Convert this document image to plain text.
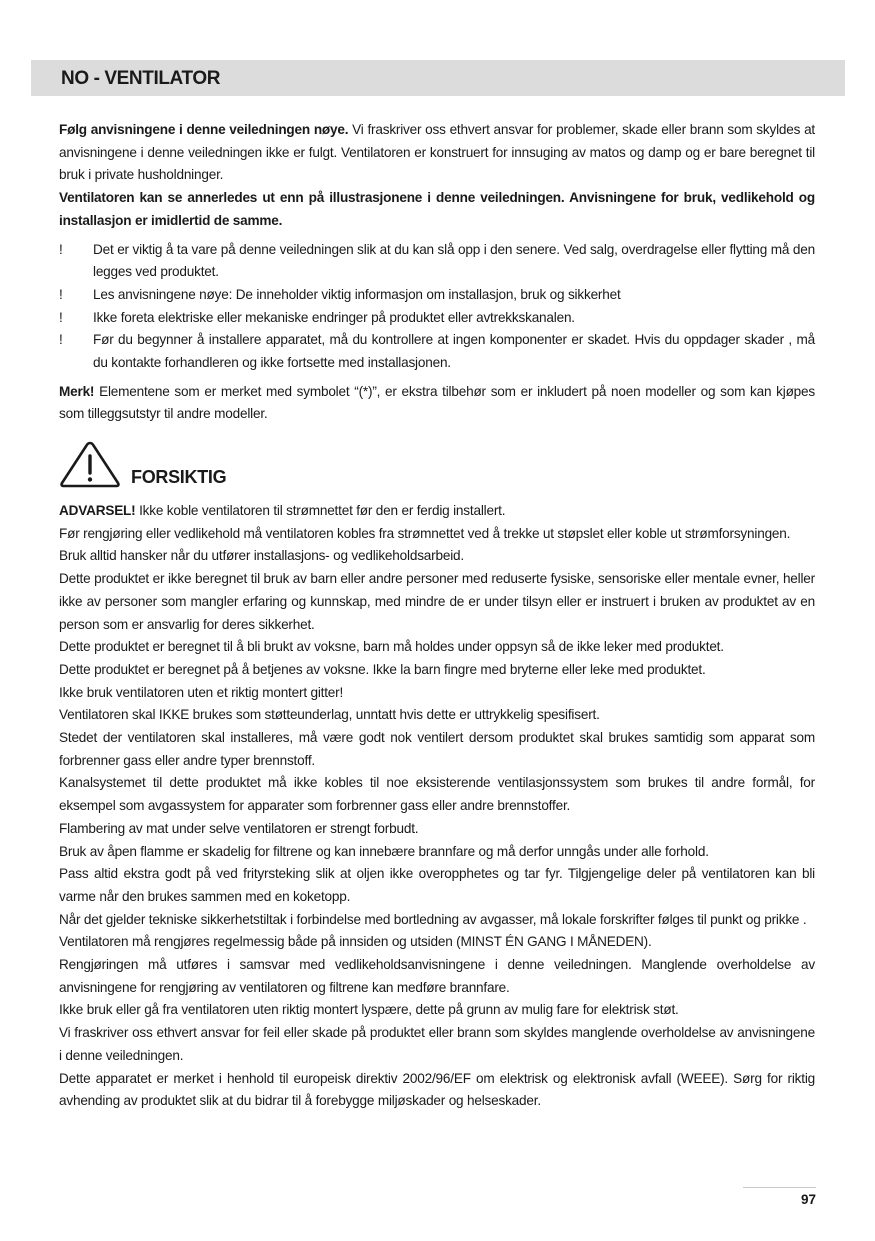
NO - VENTILATOR

Følg anvisningene i denne veiledningen nøye. Vi fraskriver oss ethvert ansvar for problemer, skade eller brann som skyldes at anvisningene i denne veiledningen ikke er fulgt. Ventilatoren er konstruert for innsuging av matos og damp og er bare beregnet til bruk i private husholdninger.

Ventilatoren kan se annerledes ut enn på illustrasjonene i denne veiledningen. Anvisningene for bruk, vedlikehold og installasjon er imidlertid de samme.

!	Det er viktig å ta vare på denne veiledningen slik at du kan slå opp i den senere. Ved salg, overdragelse eller flytting må den legges ved produktet.
!	Les anvisningene nøye: De inneholder viktig informasjon om installasjon, bruk og sikkerhet
!	Ikke foreta elektriske eller mekaniske endringer på produktet eller avtrekkskanalen.
!	Før du begynner å installere apparatet, må du kontrollere at ingen komponenter er skadet. Hvis du oppdager skader , må du kontakte forhandleren og ikke fortsette med installasjonen.

Merk! Elementene som er merket med symbolet “(*)”, er ekstra tilbehør som er inkludert på noen modeller og som kan kjøpes som tilleggsutstyr til andre modeller.

FORSIKTIG

ADVARSEL! Ikke koble ventilatoren til strømnettet før den er ferdig installert.

Før rengjøring eller vedlikehold må ventilatoren kobles fra strømnettet ved å trekke ut støpslet eller koble ut strømforsyningen.

Bruk alltid hansker når du utfører installasjons- og vedlikeholdsarbeid.

Dette produktet er ikke beregnet til bruk av barn eller andre personer med reduserte fysiske, sensoriske eller mentale evner, heller ikke av personer som mangler erfaring og kunnskap, med mindre de er under tilsyn eller er instruert i bruken av produktet av en person som er ansvarlig for deres sikkerhet.

Dette produktet er beregnet til å bli brukt av voksne, barn må holdes under oppsyn så de ikke leker med produktet.

Dette produktet er beregnet på å betjenes av voksne. Ikke la barn fingre med bryterne eller leke med produktet.

Ikke bruk ventilatoren uten et riktig montert gitter!

Ventilatoren skal IKKE brukes som støtteunderlag, unntatt hvis dette er uttrykkelig spesifisert.

Stedet der ventilatoren skal installeres, må være godt nok ventilert dersom produktet skal brukes samtidig som apparat som forbrenner gass eller andre typer brennstoff.

Kanalsystemet til dette produktet må ikke kobles til noe eksisterende ventilasjonssystem som brukes til andre formål, for eksempel som avgassystem for apparater som forbrenner gass eller andre brennstoffer.

Flambering av mat under selve ventilatoren er strengt forbudt.

Bruk av åpen flamme er skadelig for filtrene og kan innebære brannfare og må derfor unngås under alle forhold.

Pass altid ekstra godt på ved frityrsteking slik at oljen ikke overopphetes og tar fyr. Tilgjengelige deler på ventilatoren kan bli varme når den brukes sammen med en koketopp.

Når det gjelder tekniske sikkerhetstiltak i forbindelse med bortledning av avgasser, må lokale forskrifter følges til punkt og prikke .

Ventilatoren må rengjøres regelmessig både på innsiden og utsiden (MINST ÉN GANG I MÅNEDEN).

Rengjøringen må utføres i samsvar med vedlikeholdsanvisningene i denne veiledningen. Manglende overholdelse av anvisningene for rengjøring av ventilatoren og filtrene kan medføre brannfare.

Ikke bruk eller gå fra ventilatoren uten riktig montert lyspære, dette på grunn av mulig fare for elektrisk støt.

Vi fraskriver oss ethvert ansvar for feil eller skade på produktet eller brann som skyldes manglende overholdelse av anvisningene i denne veiledningen.

Dette apparatet er merket i henhold til europeisk direktiv 2002/96/EF om elektrisk og elektronisk avfall (WEEE). Sørg for riktig avhending av produktet slik at du bidrar til å forebygge miljøskader og helseskader.

97
